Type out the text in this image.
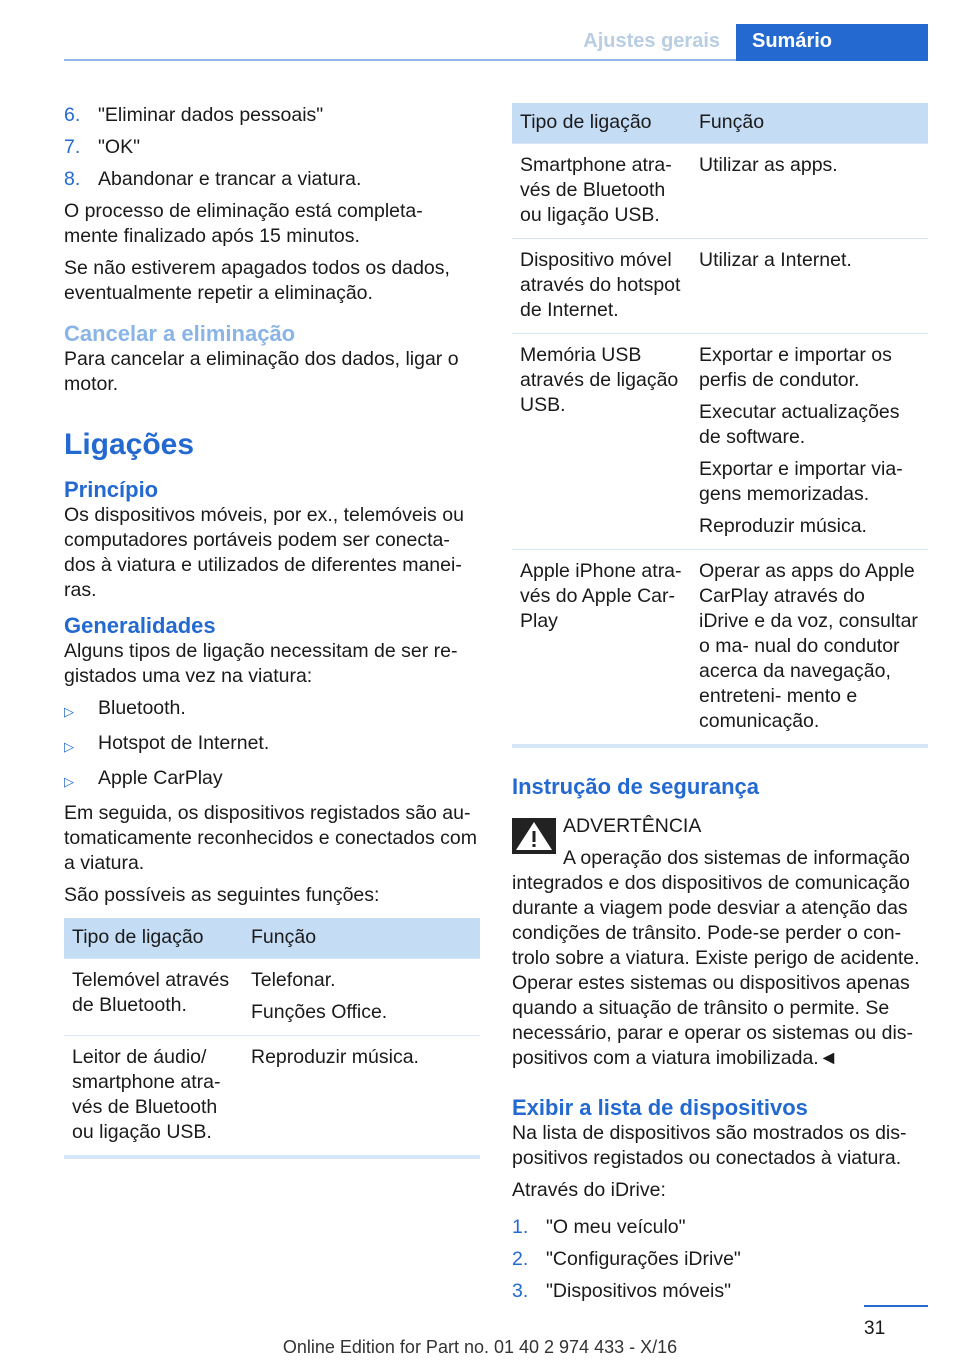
Ajustes gerais	Sumário
6. "Eliminar dados pessoais"
7. "OK"
8. Abandonar e trancar a viatura.

O processo de eliminação está completa‐ mente finalizado após 15 minutos.

Se não estiverem apagados todos os dados, eventualmente repetir a eliminação.

Cancelar a eliminação

Para cancelar a eliminação dos dados, ligar o motor.

Ligações
Princípio

Os dispositivos móveis, por ex., telemóveis ou computadores portáveis podem ser conecta‐ dos à viatura e utilizados de diferentes manei‐ ras.

Generalidades

Alguns tipos de ligação necessitam de ser re‐ gistados uma vez na viatura:

▷	Bluetooth.
▷	Hotspot de Internet.
▷	Apple CarPlay

Em seguida, os dispositivos registados são au‐ tomaticamente reconhecidos e conectados com a viatura.

São possíveis as seguintes funções:

Tipo de ligação	Função
Telemóvel através de Bluetooth.	Telefonar.

Funções Office.

Leitor de áudio/ smartphone atra‐ vés de Bluetooth ou ligação USB.	Reproduzir música.

Tipo de ligação	Função
Smartphone atra‐ vés de Bluetooth ou ligação USB.	Utilizar as apps.

Dispositivo móvel através do hotspot de Internet.	Utilizar a Internet.

Memória USB através de ligação USB.	Exportar e importar os perfis de condutor.

Executar actualizações de software.

Exportar e importar via‐ gens memorizadas.

Reproduzir música.

Apple iPhone atra‐ vés do Apple Car‐ Play	Operar as apps do Apple CarPlay através do iDrive e da voz, consultar o ma‐ nual do condutor acerca da navegação, entreteni‐ mento e comunicação.

Instrução de segurança
ADVERTÊNCIA
A operação dos sistemas de informação

integrados e dos dispositivos de comunicação durante a viagem pode desviar a atenção das condições de trânsito. Pode-se perder o con‐ trolo sobre a viatura. Existe perigo de acidente. Operar estes sistemas ou dispositivos apenas quando a situação de trânsito o permite. Se necessário, parar e operar os sistemas ou dis‐ positivos com a viatura imobilizada.◄

Exibir a lista de dispositivos

Na lista de dispositivos são mostrados os dis‐ positivos registados ou conectados à viatura.

Através do iDrive:

1. "O meu veículo"
2. "Configurações iDrive"
3. "Dispositivos móveis"
31
Online Edition for Part no. 01 40 2 974 433 - X/16
